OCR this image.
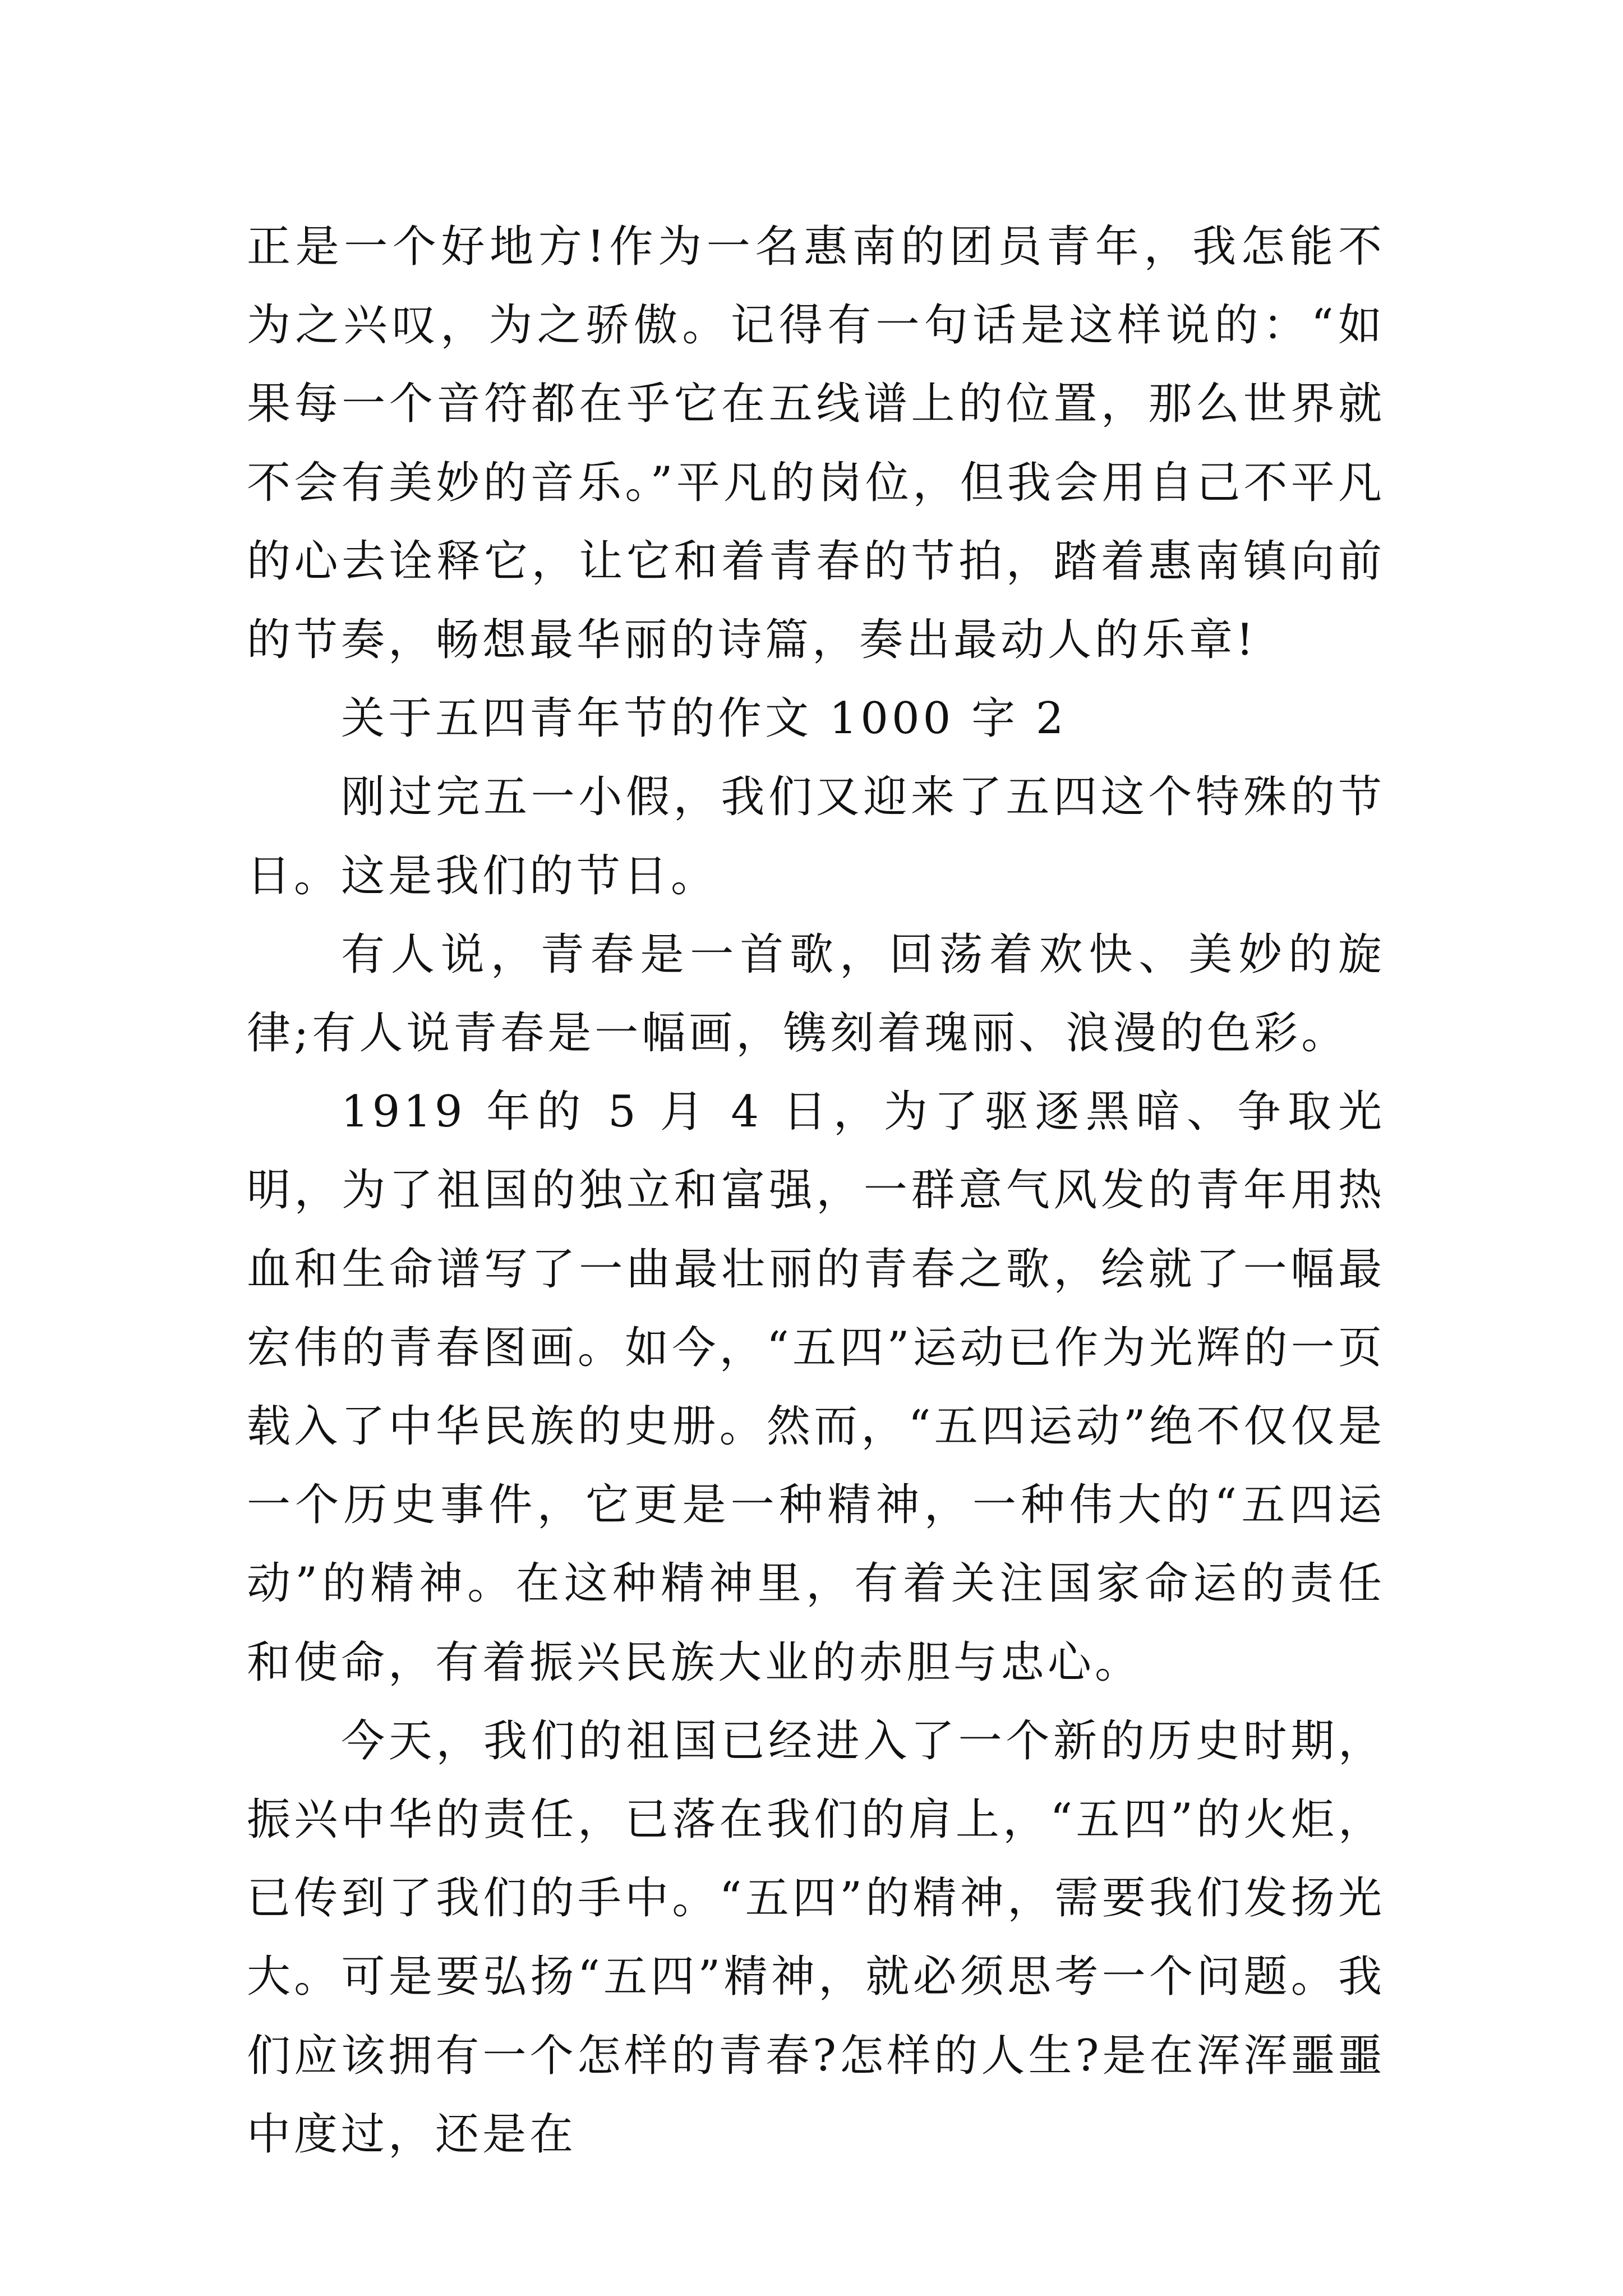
正是一个好地方!作为一名惠南的团员青年，我怎能不为之兴叹，为之骄傲。记得有一句话是这样说的：“如果每一个音符都在乎它在五线谱上的位置，那么世界就不会有美妙的音乐。”平凡的岗位，但我会用自己不平凡的心去诠释它，让它和着青春的节拍，踏着惠南镇向前的节奏，畅想最华丽的诗篇，奏出最动人的乐章!

关于五四青年节的作文 1000 字 2

刚过完五一小假，我们又迎来了五四这个特殊的节日。这是我们的节日。

有人说，青春是一首歌，回荡着欢快、美妙的旋律;有人说青春是一幅画，镌刻着瑰丽、浪漫的色彩。

1919 年的 5 月 4 日，为了驱逐黑暗、争取光明，为了祖国的独立和富强，一群意气风发的青年用热血和生命谱写了一曲最壮丽的青春之歌，绘就了一幅最宏伟的青春图画。如今，“五四”运动已作为光辉的一页载入了中华民族的史册。然而，“五四运动”绝不仅仅是一个历史事件，它更是一种精神，一种伟大的“五四运动”的精神。在这种精神里，有着关注国家命运的责任和使命，有着振兴民族大业的赤胆与忠心。

今天，我们的祖国已经进入了一个新的历史时期，振兴中华的责任，已落在我们的肩上，“五四”的火炬，已传到了我们的手中。“五四”的精神，需要我们发扬光大。可是要弘扬“五四”精神，就必须思考一个问题。我们应该拥有一个怎样的青春?怎样的人生?是在浑浑噩噩中度过，还是在
